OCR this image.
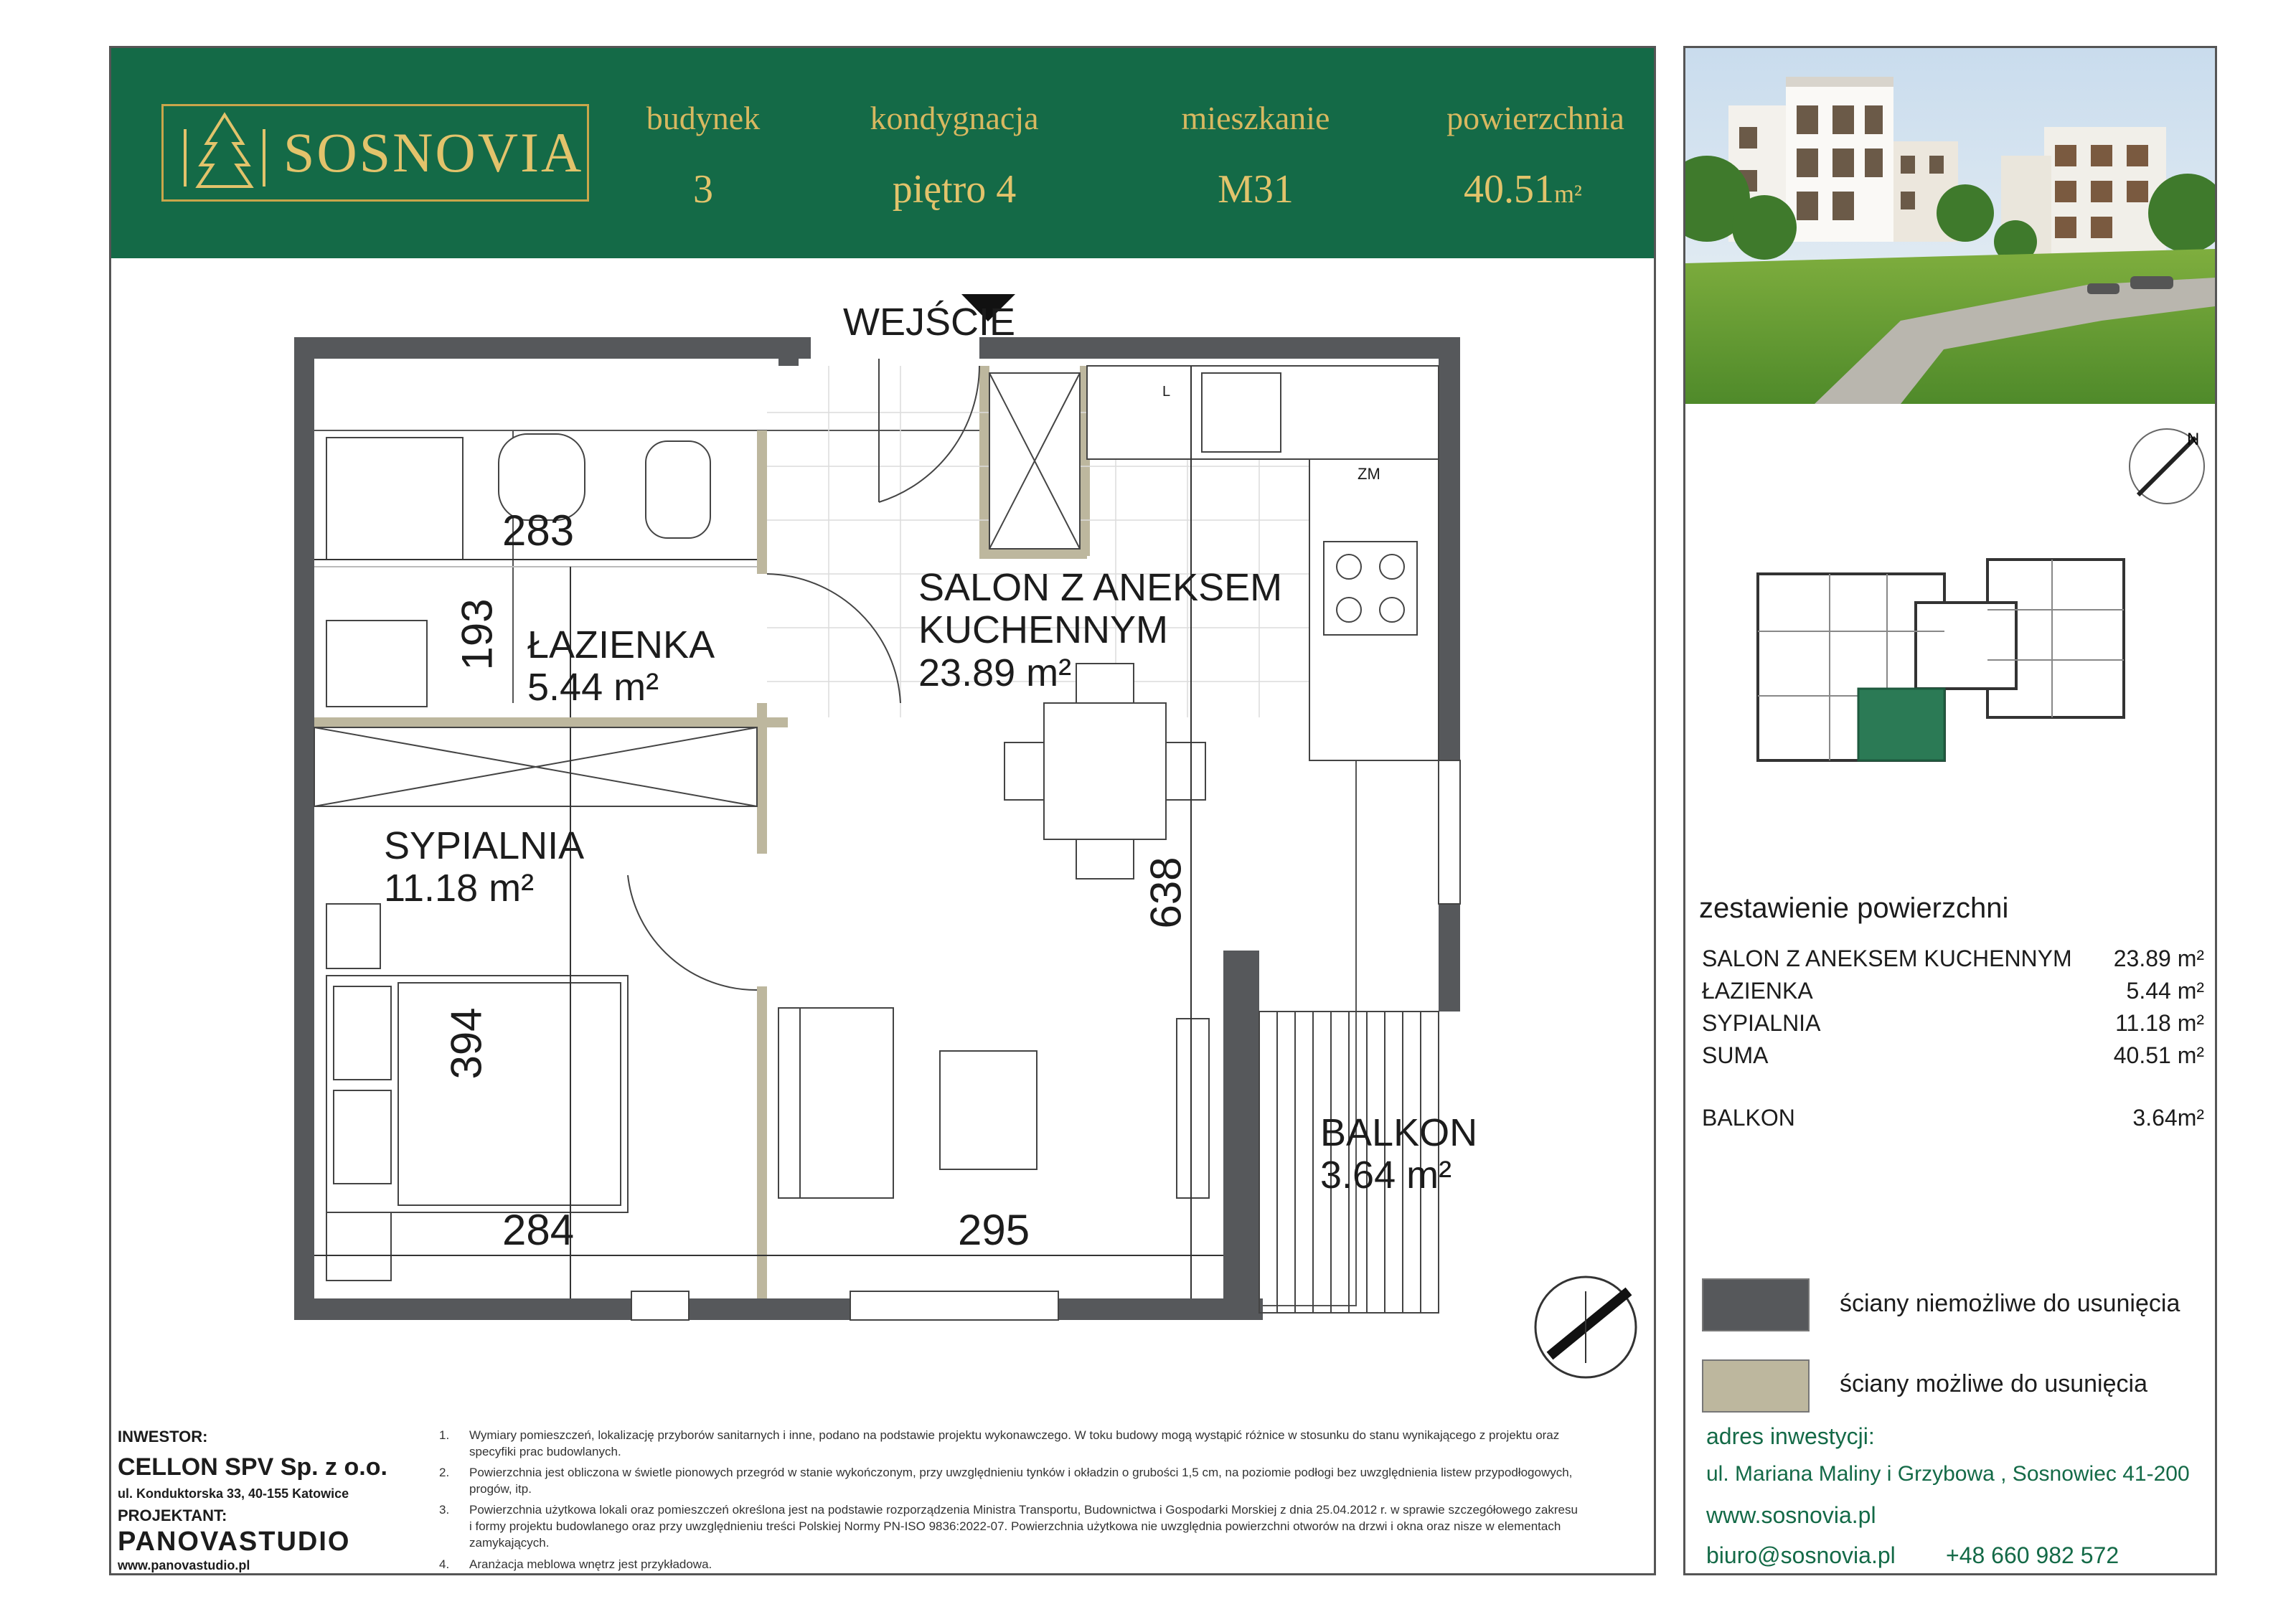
SOSNOVIA
budynek	kondygnacja	mieszkanie	powierzchnia
3	piętro 4	M31	40.51m²
WEJŚCIE
ZM
L
SALON Z ANEKSEM
KUCHENNYM
23.89 m²
ŁAZIENKA
5.44 m²
SYPIALNIA
11.18 m²
BALKON
3.64 m²
283
193
394
284	295
638
N
zestawienie powierzchni
SALON Z ANEKSEM KUCHENNYM 23.89 m²
ŁAZIENKA	5.44 m²
SYPIALNIA	11.18 m²
SUMA	40.51 m²
BALKON	3.64m²
ściany niemożliwe do usunięcia
ściany możliwe do usunięcia
adres inwestycji:
ul. Mariana Maliny i Grzybowa , Sosnowiec 41-200
www.sosnovia.pl
biuro@sosnovia.pl +48 660 982 572
INWESTOR:
CELLON SPV Sp. z o.o.
ul. Konduktorska 33, 40-155 Katowice
PROJEKTANT:
PANOVASTUDIO
www.panovastudio.pl
1. Wymiary pomieszczeń, lokalizację przyborów sanitarnych i inne, podano na podstawie projektu wykonawczego. W toku budowy mogą wystąpić różnice w stosunku do stanu wynikającego z projektu oraz
specyfiki prac budowlanych.
2. Powierzchnia jest obliczona w świetle pionowych przegród w stanie wykończonym, przy uwzględnieniu tynków i okładzin o grubości 1,5 cm, na poziomie podłogi bez uwzględnienia listew przypodłogowych,
progów, itp.
3. Powierzchnia użytkowa lokali oraz pomieszczeń określona jest na podstawie rozporządzenia Ministra Transportu, Budownictwa i Gospodarki Morskiej z dnia 25.04.2012 r. w sprawie szczegółowego zakresu
i formy projektu budowlanego oraz przy uwzględnieniu treści Polskiej Normy PN-ISO 9836:2022-07. Powierzchnia użytkowa nie uwzględnia powierzchni otworów na drzwi i okna oraz nisze w elementach
zamykających.
4. Aranżacja meblowa wnętrz jest przykładowa.
